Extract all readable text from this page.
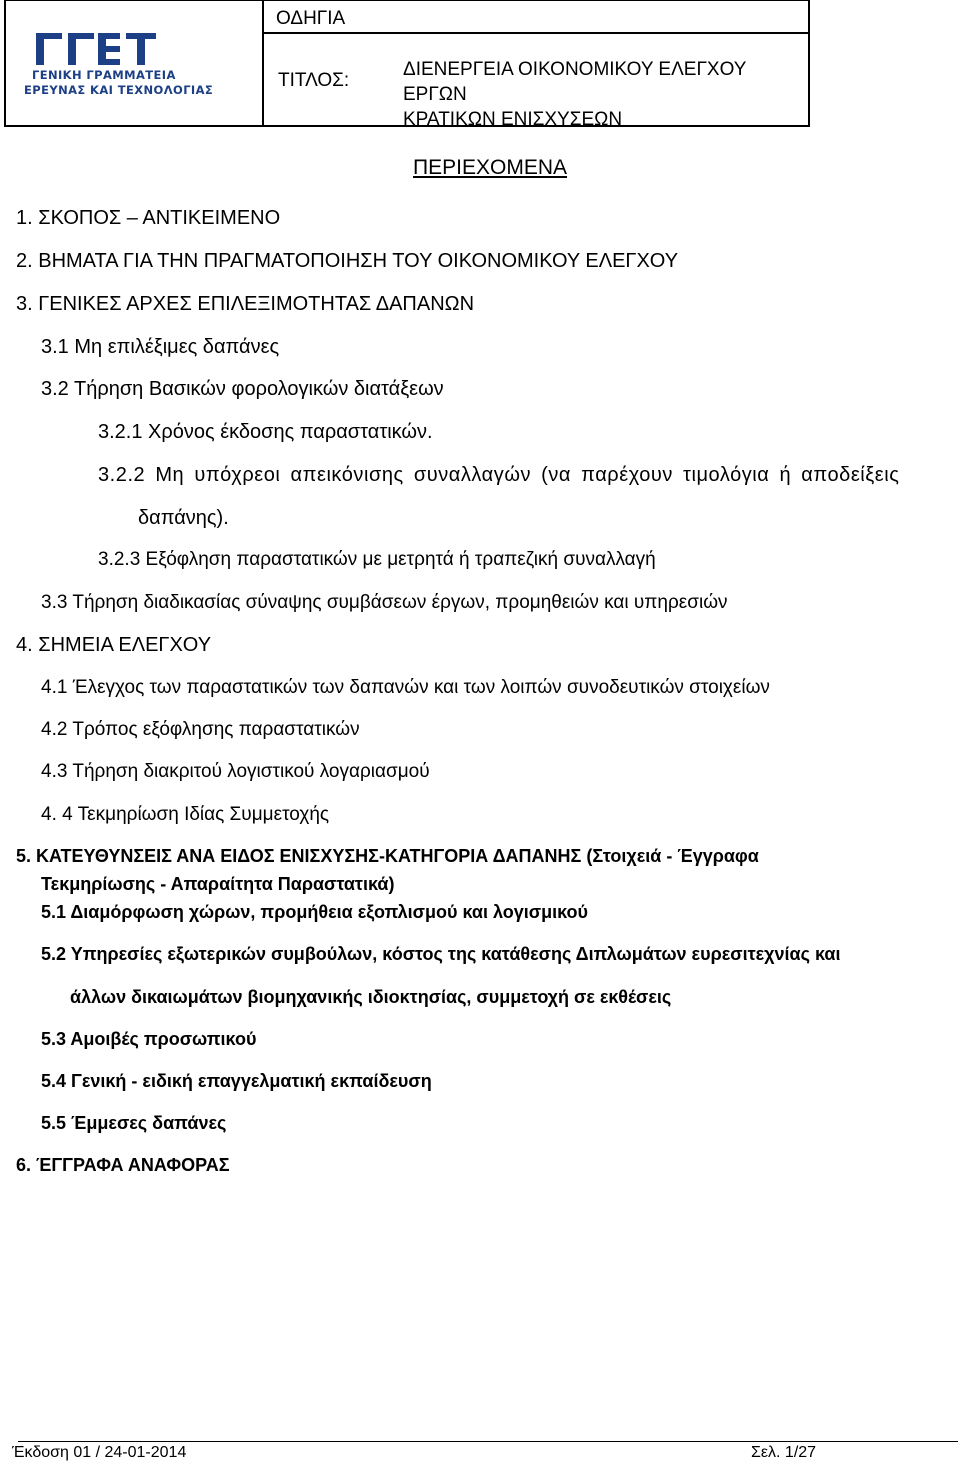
ΓΕΝΙΚΗ ΓΡΑΜΜΑΤΕΙΑ
ΕΡΕΥΝΑΣ ΚΑΙ ΤΕΧΝΟΛΟΓΙΑΣ
ΟΔΗΓΙΑ
ΤΙΤΛΟΣ:
ΔΙΕΝΕΡΓΕΙΑ ΟΙΚΟΝΟΜΙΚΟΥ ΕΛΕΓΧΟΥ ΕΡΓΩΝ
ΚΡΑΤΙΚΩΝ ΕΝΙΣΧΥΣΕΩΝ
ΠΕΡΙΕΧΟΜΕΝΑ
1. ΣΚΟΠΟΣ – ΑΝΤΙΚΕΙΜΕΝΟ
2. ΒΗΜΑΤΑ ΓΙΑ ΤΗΝ ΠΡΑΓΜΑΤΟΠΟΙΗΣΗ ΤΟΥ ΟΙΚΟΝΟΜΙΚΟΥ ΕΛΕΓΧΟΥ
3. ΓΕΝΙΚΕΣ ΑΡΧΕΣ ΕΠΙΛΕΞΙΜΟΤΗΤΑΣ ΔΑΠΑΝΩΝ
3.1 Μη επιλέξιμες δαπάνες
3.2 Τήρηση Βασικών φορολογικών διατάξεων
3.2.1 Χρόνος έκδοσης παραστατικών.
3.2.2 Μη υπόχρεοι απεικόνισης συναλλαγών (να παρέχουν τιμολόγια ή αποδείξεις
δαπάνης).
3.2.3 Εξόφληση παραστατικών με μετρητά ή τραπεζική συναλλαγή
3.3 Τήρηση διαδικασίας σύναψης συμβάσεων έργων, προμηθειών και υπηρεσιών
4. ΣΗΜΕΙΑ ΕΛΕΓΧΟΥ
4.1 Έλεγχος των παραστατικών των δαπανών και των λοιπών συνοδευτικών στοιχείων
4.2 Τρόπος εξόφλησης παραστατικών
4.3 Τήρηση διακριτού λογιστικού λογαριασμού
4. 4 Τεκμηρίωση Ιδίας Συμμετοχής
5. ΚΑΤΕΥΘΥΝΣΕΙΣ ΑΝΑ ΕΙΔΟΣ ΕΝΙΣΧΥΣΗΣ-ΚΑΤΗΓΟΡΙΑ ΔΑΠΑΝΗΣ (Στοιχειά - Έγγραφα
Τεκμηρίωσης - Απαραίτητα Παραστατικά)
5.1 Διαμόρφωση χώρων, προμήθεια εξοπλισμού και λογισμικού
5.2 Υπηρεσίες εξωτερικών συμβούλων, κόστος της κατάθεσης Διπλωμάτων ευρεσιτεχνίας και
άλλων δικαιωμάτων βιομηχανικής ιδιοκτησίας, συμμετοχή σε εκθέσεις
5.3 Αμοιβές προσωπικού
5.4 Γενική - ειδική επαγγελματική εκπαίδευση
5.5 Έμμεσες δαπάνες
6. ΈΓΓΡΑΦΑ ΑΝΑΦΟΡΑΣ
Έκδοση 01 / 24-01-2014	Σελ. 1/27
